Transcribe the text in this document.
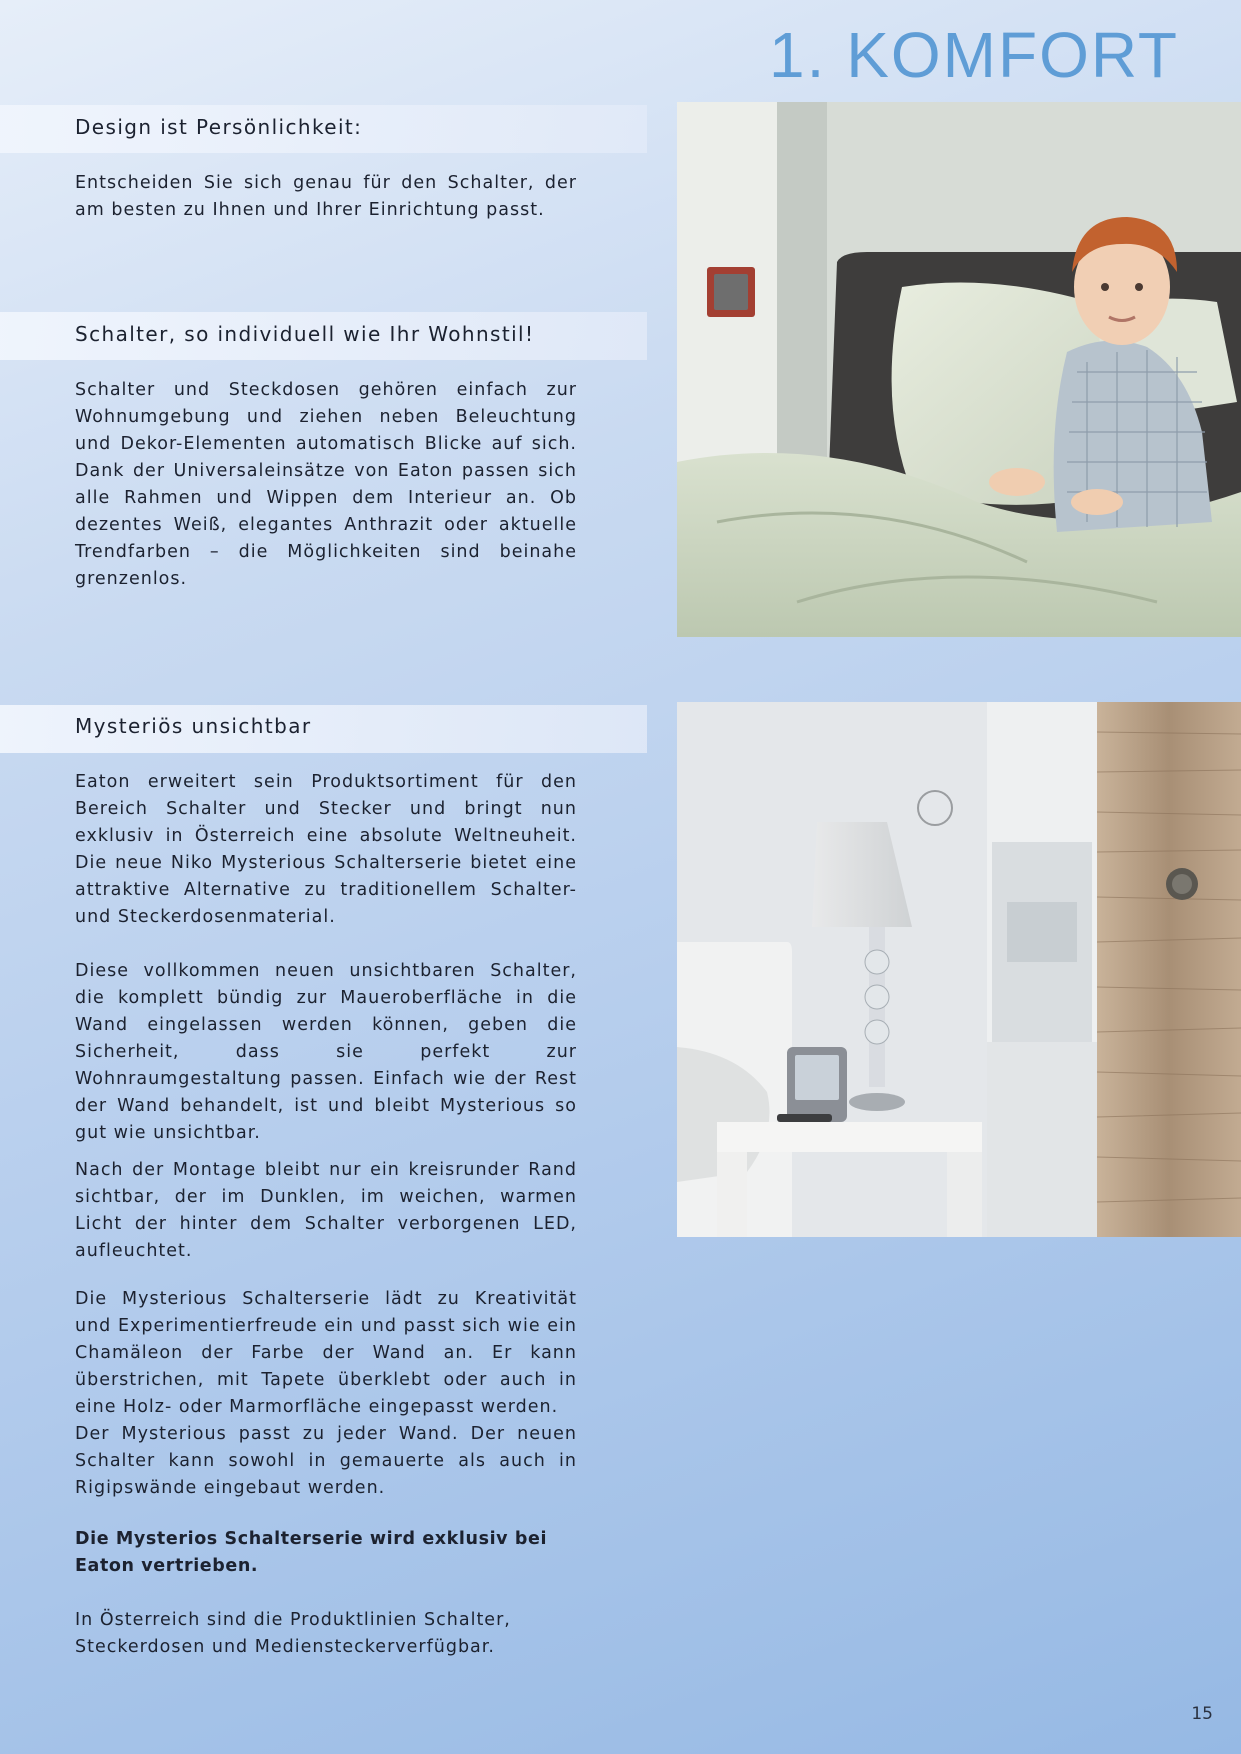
1. KOMFORT
Design ist Persönlichkeit:

Entscheiden Sie sich genau für den Schalter, der am besten zu Ihnen und Ihrer Einrichtung passt.

Schalter, so individuell wie Ihr Wohnstil!

Schalter und Steckdosen gehören einfach zur Wohnumgebung und ziehen neben Beleuchtung und Dekor-Elementen automatisch Blicke auf sich. Dank der Universaleinsätze von Eaton passen sich alle Rahmen und Wippen dem Interieur an. Ob dezentes Weiß, elegantes Anthrazit oder aktuelle Trendfarben – die Möglichkeiten sind beinahe grenzenlos.

Mysteriös unsichtbar

Eaton erweitert sein Produktsortiment für den Bereich Schalter und Stecker und bringt nun exklusiv in Österreich eine absolute Weltneuheit. Die neue Niko Mysterious Schalterserie bietet eine attraktive Alternative zu traditionellem Schalter- und Steckerdosenmaterial.

Diese vollkommen neuen unsichtbaren Schalter, die komplett bündig zur Maueroberfläche in die Wand eingelassen werden können, geben die Sicherheit, dass sie perfekt zur Wohnraumgestaltung passen. Einfach wie der Rest der Wand behandelt, ist und bleibt Mysterious so gut wie unsichtbar.

Nach der Montage bleibt nur ein kreisrunder Rand sichtbar, der im Dunklen, im weichen, warmen Licht der hinter dem Schalter verborgenen LED, aufleuchtet.

Die Mysterious Schalterserie lädt zu Kreativität und Experimentierfreude ein und passt sich wie ein Chamäleon der Farbe der Wand an. Er kann überstrichen, mit Tapete überklebt oder auch in eine Holz- oder Marmorfläche eingepasst werden.

Der Mysterious passt zu jeder Wand. Der neuen Schalter kann sowohl in gemauerte als auch in Rigipswände eingebaut werden.

Die Mysterios Schalterserie wird exklusiv bei Eaton vertrieben.

In Österreich sind die Produktlinien Schalter, Steckerdosen und Mediensteckerverfügbar.

15
